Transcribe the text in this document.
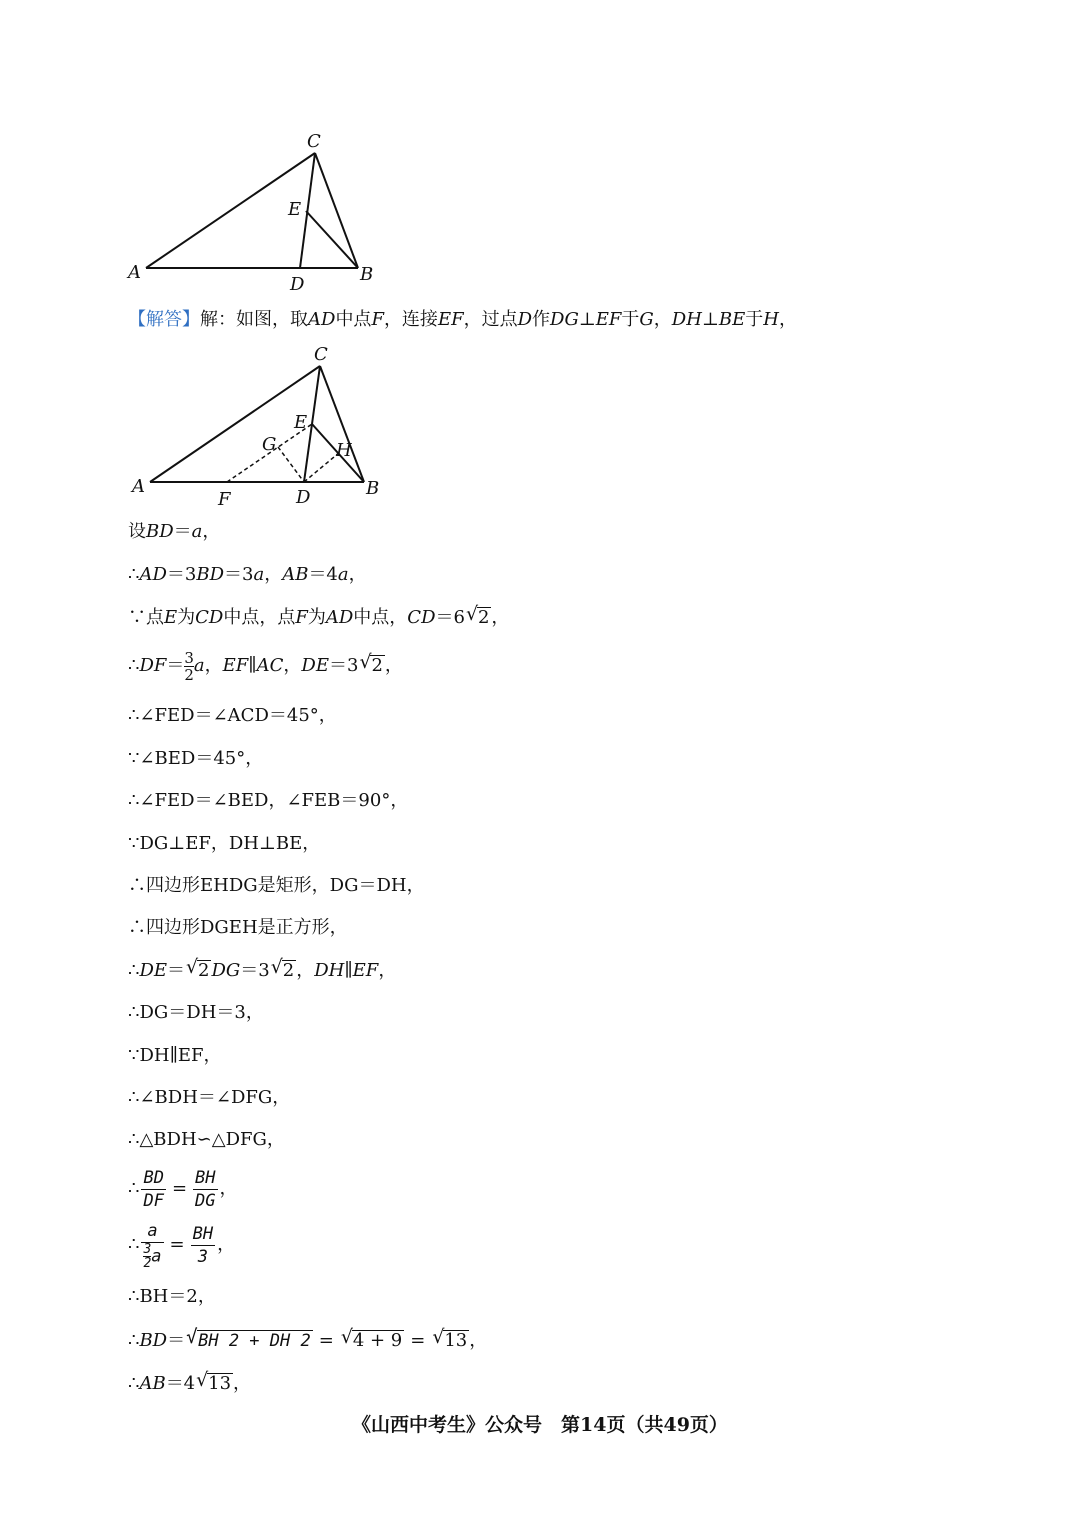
A	B
C
D
E
【解答】解：如图，取AD中点F，连接EF，过点D作DG⊥EF于G，DH⊥BE于H，
A	B
C
D
E
F
G	H
设BD＝a，
∴AD＝3BD＝3a，AB＝4a，
∵点E为CD中点，点F为AD中点，CD＝6 √ 2 ，
∴DF＝ $\frac{3}{2}$ a，EF∥AC，DE＝3 √ 2 ，
∴∠FED＝∠ACD＝45°，
∵∠BED＝45°，
∴∠FED＝∠BED，∠FEB＝90°，
∵DG⊥EF，DH⊥BE，
∴四边形EHDG是矩形，DG＝DH，
∴四边形DGEH是正方形，
∴DE＝ √ 2 DG＝3 √ 2 ，DH∥EF，
∴DG＝DH＝3，
∵DH∥EF，
∴∠BDH＝∠DFG，
∴△BDH∽△DFG，
∴ $\frac{BD}{DF} = \frac{BH}{DG}$ ，
∴ $\frac{a}{\frac{3}{2} a} = \frac{BH}{3}$ ，
∴BH＝2，
∴BD＝ √ BH 2 + DH 2 = √ 4 + 9 = √ 13 ，
∴AB＝4 √ 13 ，
《山西中考生》公众号　第14页（共49页）
